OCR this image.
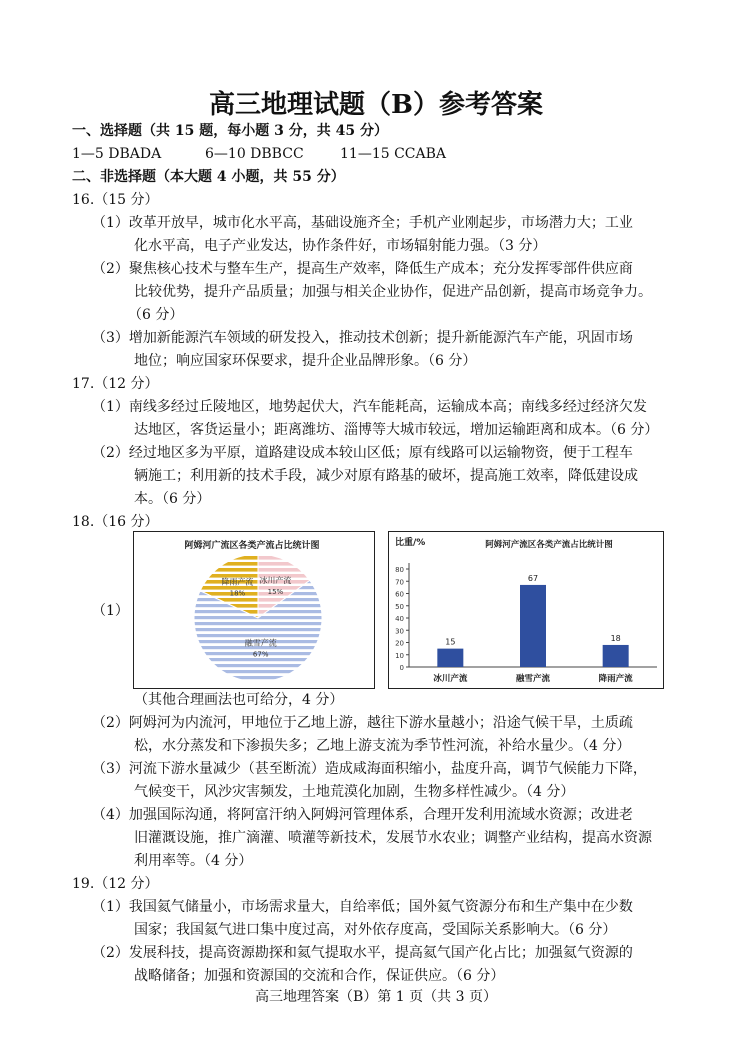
高三地理试题（B）参考答案
一、选择题（共 15 题，每小题 3 分，共 45 分）
1—5 DBADA	6—10 DBBCC	11—15 CCABA
二、非选择题（本大题 4 小题，共 55 分）
16.（15 分）
（1）改革开放早，城市化水平高，基础设施齐全；手机产业刚起步，市场潜力大；工业
化水平高，电子产业发达，协作条件好，市场辐射能力强。（3 分）
（2）聚焦核心技术与整车生产，提高生产效率，降低生产成本；充分发挥零部件供应商
比较优势，提升产品质量；加强与相关企业协作，促进产品创新，提高市场竞争力。
（6 分）
（3）增加新能源汽车领域的研发投入，推动技术创新；提升新能源汽车产能，巩固市场
地位；响应国家环保要求，提升企业品牌形象。（6 分）
17.（12 分）
（1）南线多经过丘陵地区，地势起伏大，汽车能耗高，运输成本高；南线多经过经济欠发
达地区，客货运量小；距离潍坊、淄博等大城市较远，增加运输距离和成本。（6 分）
（2）经过地区多为平原，道路建设成本较山区低；原有线路可以运输物资，便于工程车
辆施工；利用新的技术手段，减少对原有路基的破坏，提高施工效率，降低建设成
本。（6 分）
18.（16 分）
（1）
阿姆河广流区各类产流占比统计图
降雨产流
18%
冰川产流
15%
融雪产流
67%
比重/%	阿姆河产流区各类产流占比统计图
0
10
20
30
40
50
60
70
80
15
冰川产流
67
融雪产流
18
降雨产流
（其他合理画法也可给分，4 分）
（2）阿姆河为内流河，甲地位于乙地上游，越往下游水量越小；沿途气候干旱，土质疏
松，水分蒸发和下渗损失多；乙地上游支流为季节性河流，补给水量少。（4 分）
（3）河流下游水量减少（甚至断流）造成咸海面积缩小，盐度升高，调节气候能力下降，
气候变干，风沙灾害频发，土地荒漠化加剧，生物多样性减少。（4 分）
（4）加强国际沟通，将阿富汗纳入阿姆河管理体系，合理开发利用流域水资源；改进老
旧灌溉设施，推广滴灌、喷灌等新技术，发展节水农业；调整产业结构，提高水资源
利用率等。（4 分）
19.（12 分）
（1）我国氦气储量小，市场需求量大，自给率低；国外氦气资源分布和生产集中在少数
国家；我国氦气进口集中度过高，对外依存度高，受国际关系影响大。（6 分）
（2）发展科技，提高资源勘探和氦气提取水平，提高氦气国产化占比；加强氦气资源的
战略储备；加强和资源国的交流和合作，保证供应。（6 分）
高三地理答案（B）第 1 页（共 3 页）
